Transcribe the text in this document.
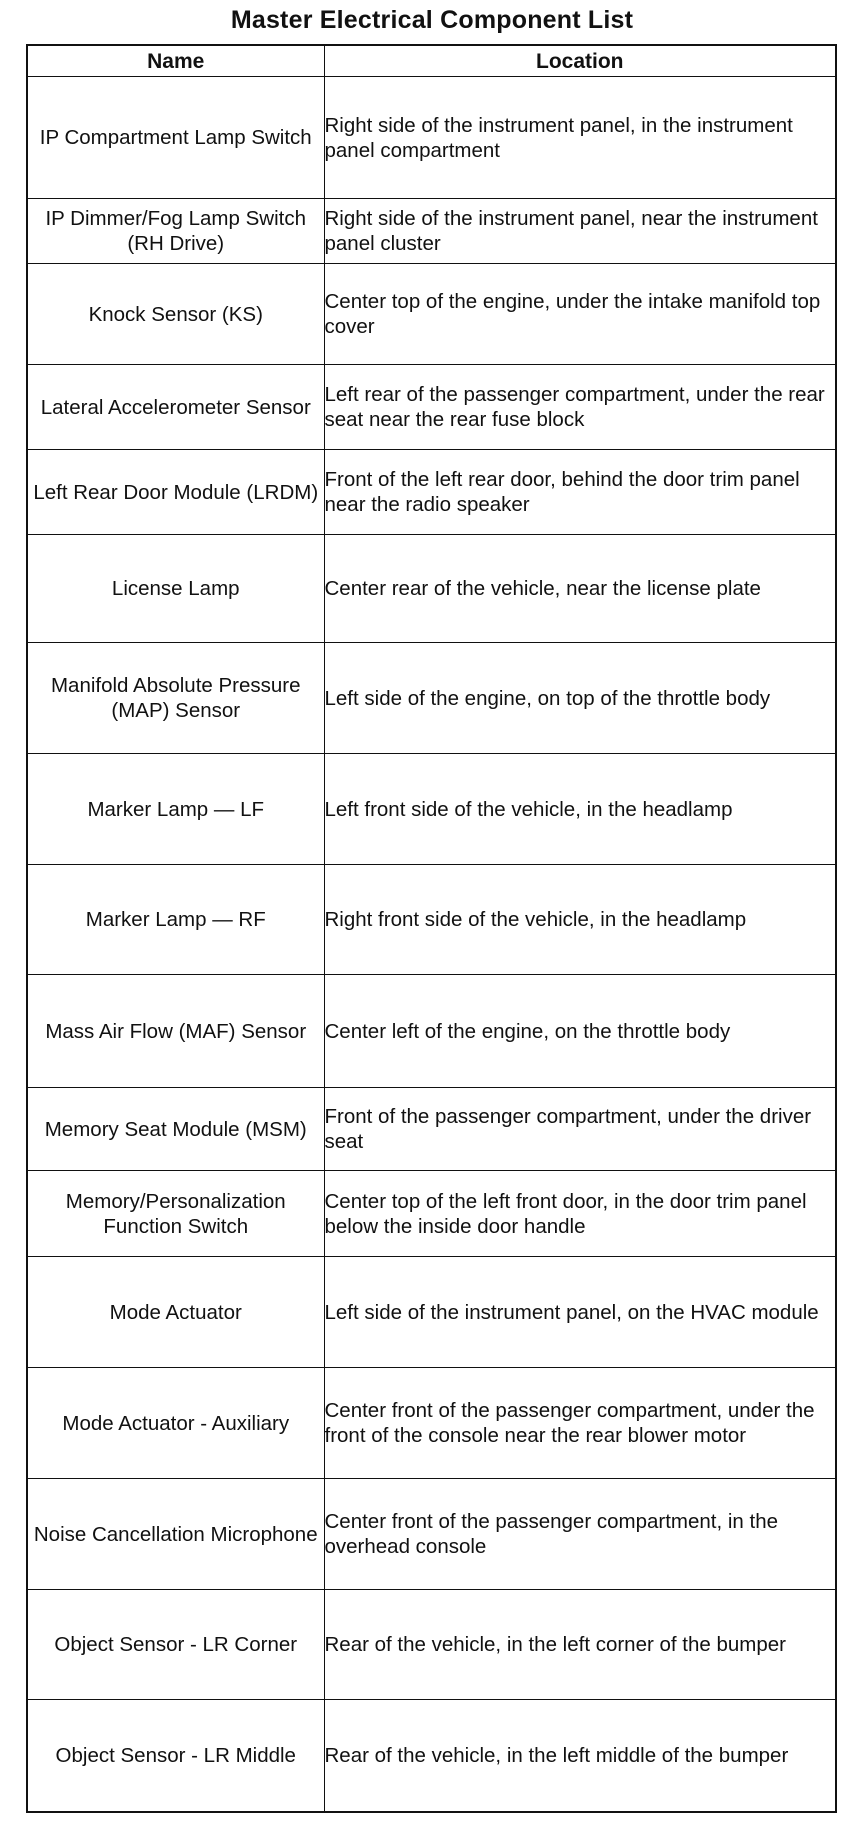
Master Electrical Component List
Name	Location
IP Compartment Lamp Switch	Right side of the instrument panel, in the instrument panel compartment
IP Dimmer/Fog Lamp Switch (RH Drive)	Right side of the instrument panel, near the instrument panel cluster
Knock Sensor (KS)	Center top of the engine, under the intake manifold top cover
Lateral Accelerometer Sensor	Left rear of the passenger compartment, under the rear seat near the rear fuse block
Left Rear Door Module (LRDM)	Front of the left rear door, behind the door trim panel near the radio speaker
License Lamp	Center rear of the vehicle, near the license plate
Manifold Absolute Pressure (MAP) Sensor	Left side of the engine, on top of the throttle body
Marker Lamp — LF	Left front side of the vehicle, in the headlamp
Marker Lamp — RF	Right front side of the vehicle, in the headlamp
Mass Air Flow (MAF) Sensor	Center left of the engine, on the throttle body
Memory Seat Module (MSM)	Front of the passenger compartment, under the driver seat
Memory/Personalization Function Switch	Center top of the left front door, in the door trim panel below the inside door handle
Mode Actuator	Left side of the instrument panel, on the HVAC module
Mode Actuator - Auxiliary	Center front of the passenger compartment, under the front of the console near the rear blower motor
Noise Cancellation Microphone	Center front of the passenger compartment, in the overhead console
Object Sensor - LR Corner	Rear of the vehicle, in the left corner of the bumper
Object Sensor - LR Middle	Rear of the vehicle, in the left middle of the bumper
